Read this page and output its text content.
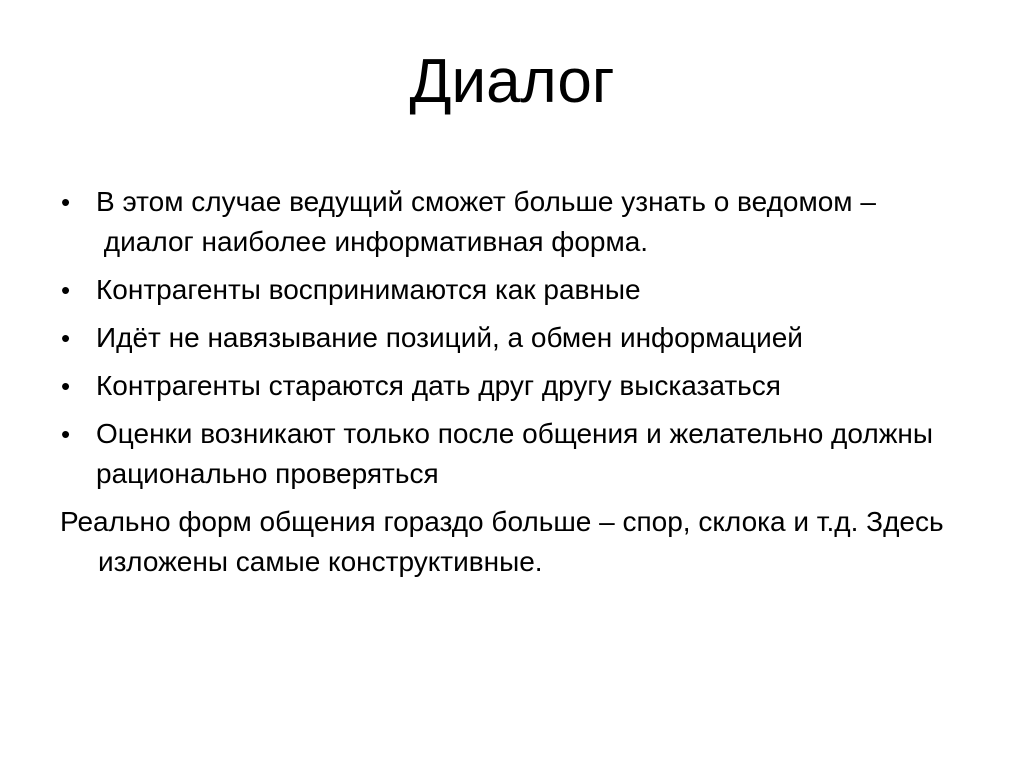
Диалог
• В этом случае ведущий сможет больше узнать о ведомом – диалог наиболее информативная форма.
• Контрагенты воспринимаются как равные
• Идёт не навязывание позиций, а обмен информацией
• Контрагенты стараются дать друг другу высказаться
• Оценки возникают только после общения и желательно должны рационально проверяться

Реально форм общения гораздо больше – спор, склока и т.д. Здесь изложены самые конструктивные.
